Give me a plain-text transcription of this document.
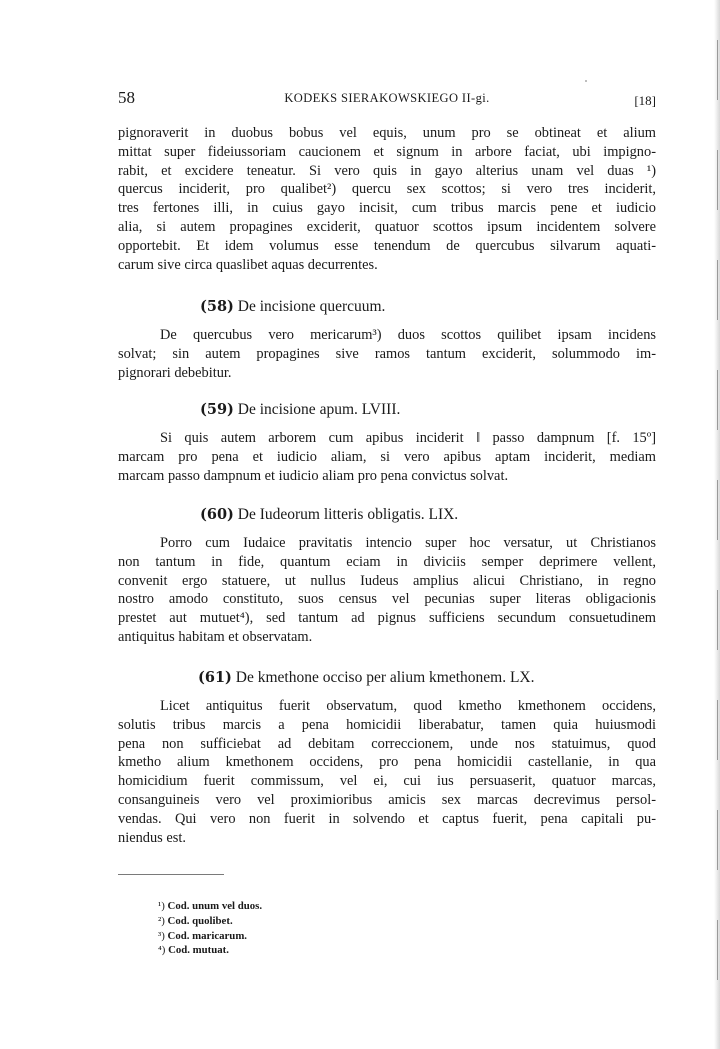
58	KODEKS SIERAKOWSKIEGO II-gi.	[18]
pignoraverit in duobus bobus vel equis, unum pro se obtineat et alium
mittat super fideiussoriam caucionem et signum in arbore faciat, ubi impigno-
rabit, et excidere teneatur. Si vero quis in gayo alterius unam vel duas ¹)
quercus inciderit, pro qualibet²) quercu sex scottos; si vero tres inciderit,
tres fertones illi, in cuius gayo incisit, cum tribus marcis pene et iudicio
alia, si autem propagines exciderit, quatuor scottos ipsum incidentem solvere
opportebit. Et idem volumus esse tenendum de quercubus silvarum aquati-
carum sive circa quaslibet aquas decurrentes.
(58) De incisione quercuum.
De quercubus vero mericarum³) duos scottos quilibet ipsam incidens
solvat; sin autem propagines sive ramos tantum exciderit, solummodo im-
pignorari debebitur.
(59) De incisione apum. LVIII.
Si quis autem arborem cum apibus inciderit ‖ passo dampnum [f. 15º]
marcam pro pena et iudicio aliam, si vero apibus aptam inciderit, mediam
marcam passo dampnum et iudicio aliam pro pena convictus solvat.
(60) De Iudeorum litteris obligatis. LIX.
Porro cum Iudaice pravitatis intencio super hoc versatur, ut Christianos
non tantum in fide, quantum eciam in diviciis semper deprimere vellent,
convenit ergo statuere, ut nullus Iudeus amplius alicui Christiano, in regno
nostro amodo constituto, suos census vel pecunias super literas obligacionis
prestet aut mutuet⁴), sed tantum ad pignus sufficiens secundum consuetudinem
antiquitus habitam et observatam.
(61) De kmethone occiso per alium kmethonem. LX.
Licet antiquitus fuerit observatum, quod kmetho kmethonem occidens,
solutis tribus marcis a pena homicidii liberabatur, tamen quia huiusmodi
pena non sufficiebat ad debitam correccionem, unde nos statuimus, quod
kmetho alium kmethonem occidens, pro pena homicidii castellanie, in qua
homicidium fuerit commissum, vel ei, cui ius persuaserit, quatuor marcas,
consanguineis vero vel proximioribus amicis sex marcas decrevimus persol-
vendas. Qui vero non fuerit in solvendo et captus fuerit, pena capitali pu-
niendus est.
¹) Cod. unum vel duos.
²) Cod. quolibet.
³) Cod. maricarum.
⁴) Cod. mutuat.
